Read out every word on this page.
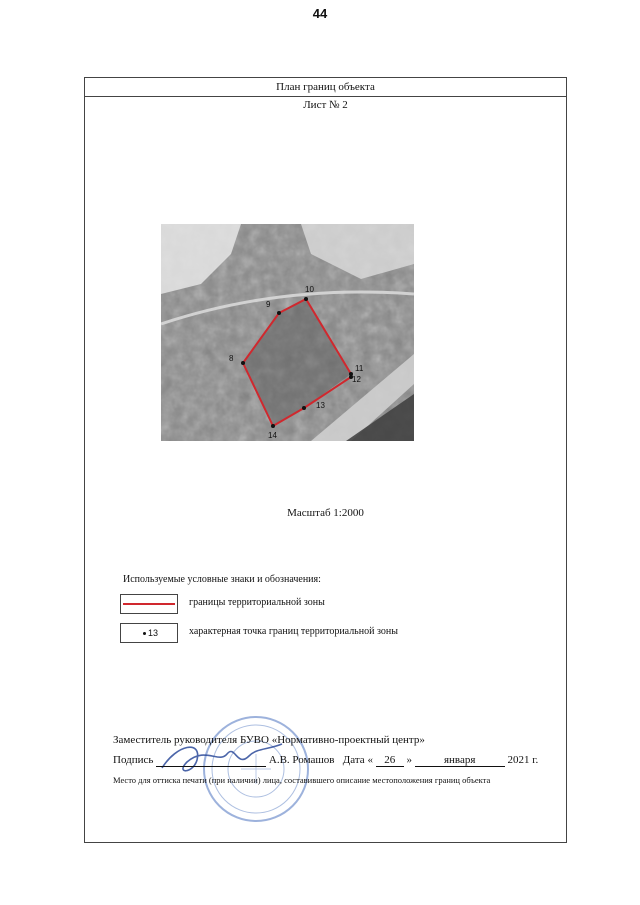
44
План границ объекта
Лист № 2
8
9
10
11
12
13
14
Масштаб 1:2000
Используемые условные знаки и обозначения:
границы территориальной зоны
13	характерная точка границ территориальной зоны
Заместитель руководителя БУВО «Нормативно-проектный центр»
Подпись	А.В. Ромашов Дата « 26 »	января	2021 г.
Место для оттиска печати (при наличии) лица, составившего описание местоположения границ объекта
